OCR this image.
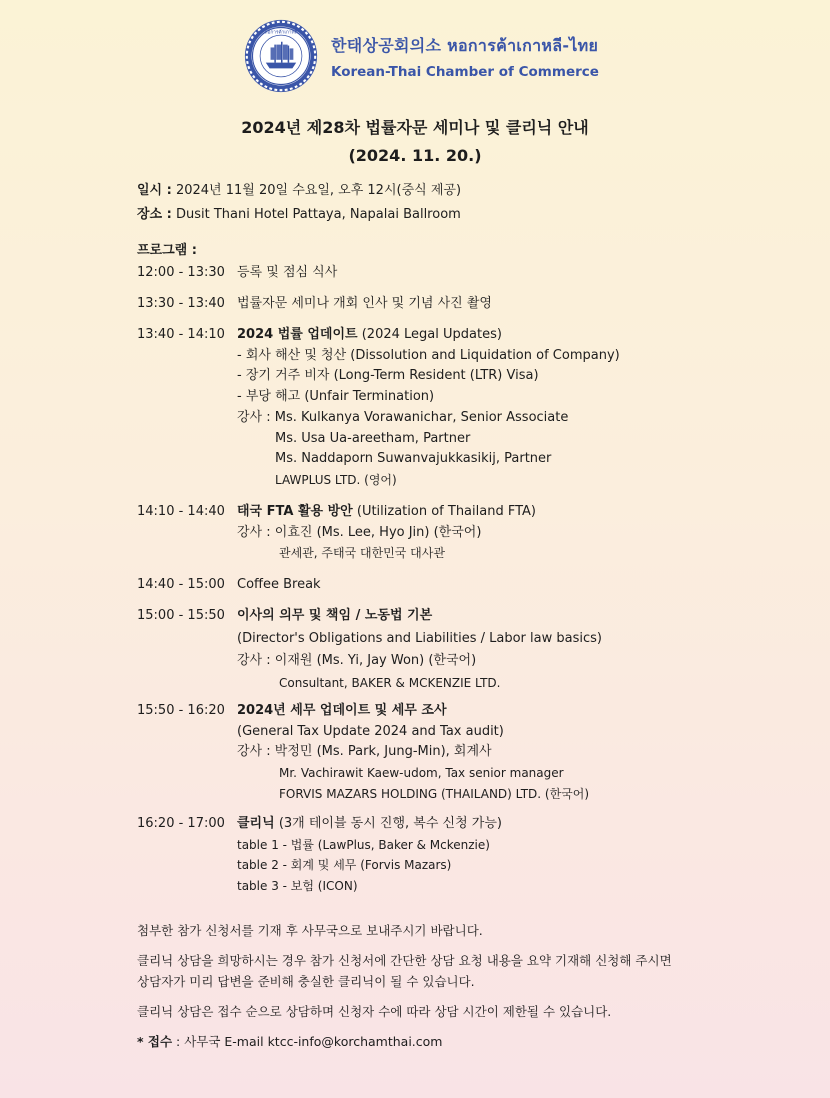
หอการค้าเกาหลี
한태상공회의소 หอการค้าเกาหลี-ไทย
Korean-Thai Chamber of Commerce
2024년 제28차 법률자문 세미나 및 클리닉 안내
(2024. 11. 20.)
일시 : 2024년 11월 20일 수요일, 오후 12시(중식 제공)
장소 : Dusit Thani Hotel Pattaya, Napalai Ballroom
프로그램 :
12:00 - 13:30 등록 및 점심 식사
13:30 - 13:40 법률자문 세미나 개회 인사 및 기념 사진 촬영
13:40 - 14:10 2024 법률 업데이트 (2024 Legal Updates)
- 회사 해산 및 청산 (Dissolution and Liquidation of Company)
- 장기 거주 비자 (Long-Term Resident (LTR) Visa)
- 부당 해고 (Unfair Termination)
강사 : Ms. Kulkanya Vorawanichar, Senior Associate
Ms. Usa Ua-areetham, Partner
Ms. Naddaporn Suwanvajukkasikij, Partner
LAWPLUS LTD. (영어)
14:10 - 14:40 태국 FTA 활용 방안 (Utilization of Thailand FTA)
강사 : 이효진 (Ms. Lee, Hyo Jin) (한국어)
관세관, 주태국 대한민국 대사관
14:40 - 15:00 Coffee Break
15:00 - 15:50 이사의 의무 및 책임 / 노동법 기본
(Director's Obligations and Liabilities / Labor law basics)
강사 : 이재원 (Ms. Yi, Jay Won) (한국어)
Consultant, BAKER & MCKENZIE LTD.
15:50 - 16:20 2024년 세무 업데이트 및 세무 조사
(General Tax Update 2024 and Tax audit)
강사 : 박정민 (Ms. Park, Jung-Min), 회계사
Mr. Vachirawit Kaew-udom, Tax senior manager
FORVIS MAZARS HOLDING (THAILAND) LTD. (한국어)
16:20 - 17:00 클리닉 (3개 테이블 동시 진행, 복수 신청 가능)
table 1 - 법률 (LawPlus, Baker & Mckenzie)
table 2 - 회계 및 세무 (Forvis Mazars)
table 3 - 보험 (ICON)
첨부한 참가 신청서를 기재 후 사무국으로 보내주시기 바랍니다.
클리닉 상담을 희망하시는 경우 참가 신청서에 간단한 상담 요청 내용을 요약 기재해 신청해 주시면
상담자가 미리 답변을 준비해 충실한 클리닉이 될 수 있습니다.
클리닉 상담은 접수 순으로 상담하며 신청자 수에 따라 상담 시간이 제한될 수 있습니다.
* 접수 : 사무국 E-mail ktcc-info@korchamthai.com
